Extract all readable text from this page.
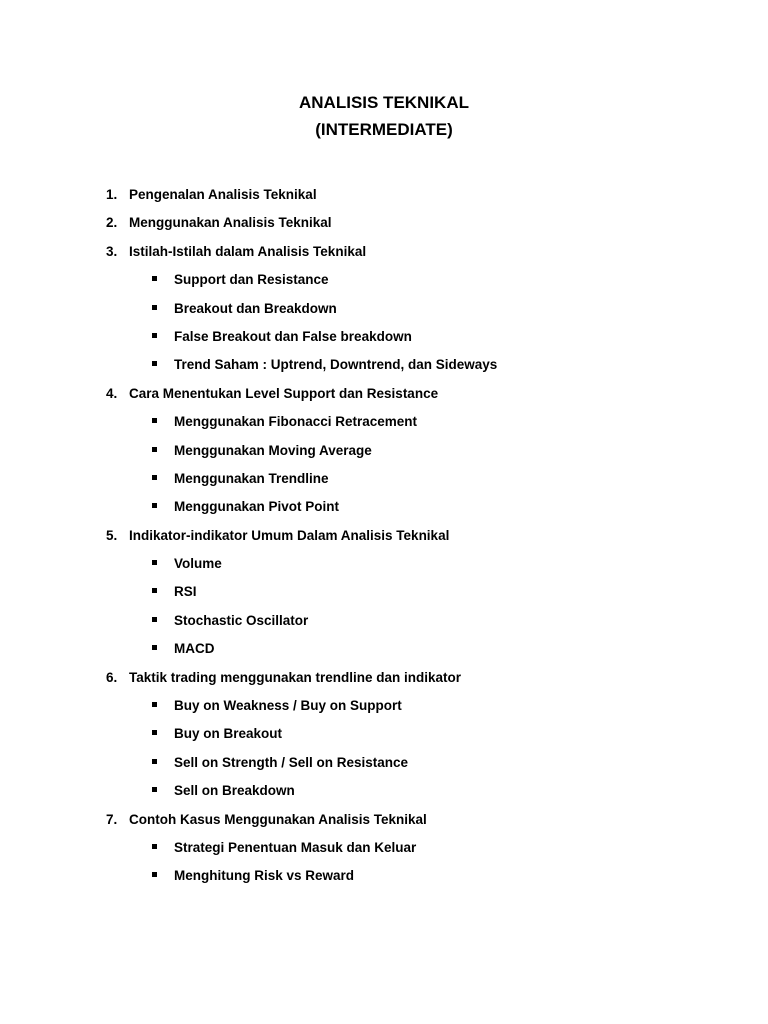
ANALISIS TEKNIKAL
(INTERMEDIATE)
1. Pengenalan Analisis Teknikal
2. Menggunakan Analisis Teknikal
3. Istilah-Istilah dalam Analisis Teknikal
Support dan Resistance
Breakout dan Breakdown
False Breakout dan False breakdown
Trend Saham : Uptrend, Downtrend, dan Sideways
4. Cara Menentukan Level Support dan Resistance
Menggunakan Fibonacci Retracement
Menggunakan Moving Average
Menggunakan Trendline
Menggunakan Pivot Point
5. Indikator-indikator Umum Dalam Analisis Teknikal
Volume
RSI
Stochastic Oscillator
MACD
6. Taktik trading menggunakan trendline dan indikator
Buy on Weakness / Buy on Support
Buy on Breakout
Sell on Strength / Sell on Resistance
Sell on Breakdown
7. Contoh Kasus Menggunakan Analisis Teknikal
Strategi Penentuan Masuk dan Keluar
Menghitung Risk vs Reward
